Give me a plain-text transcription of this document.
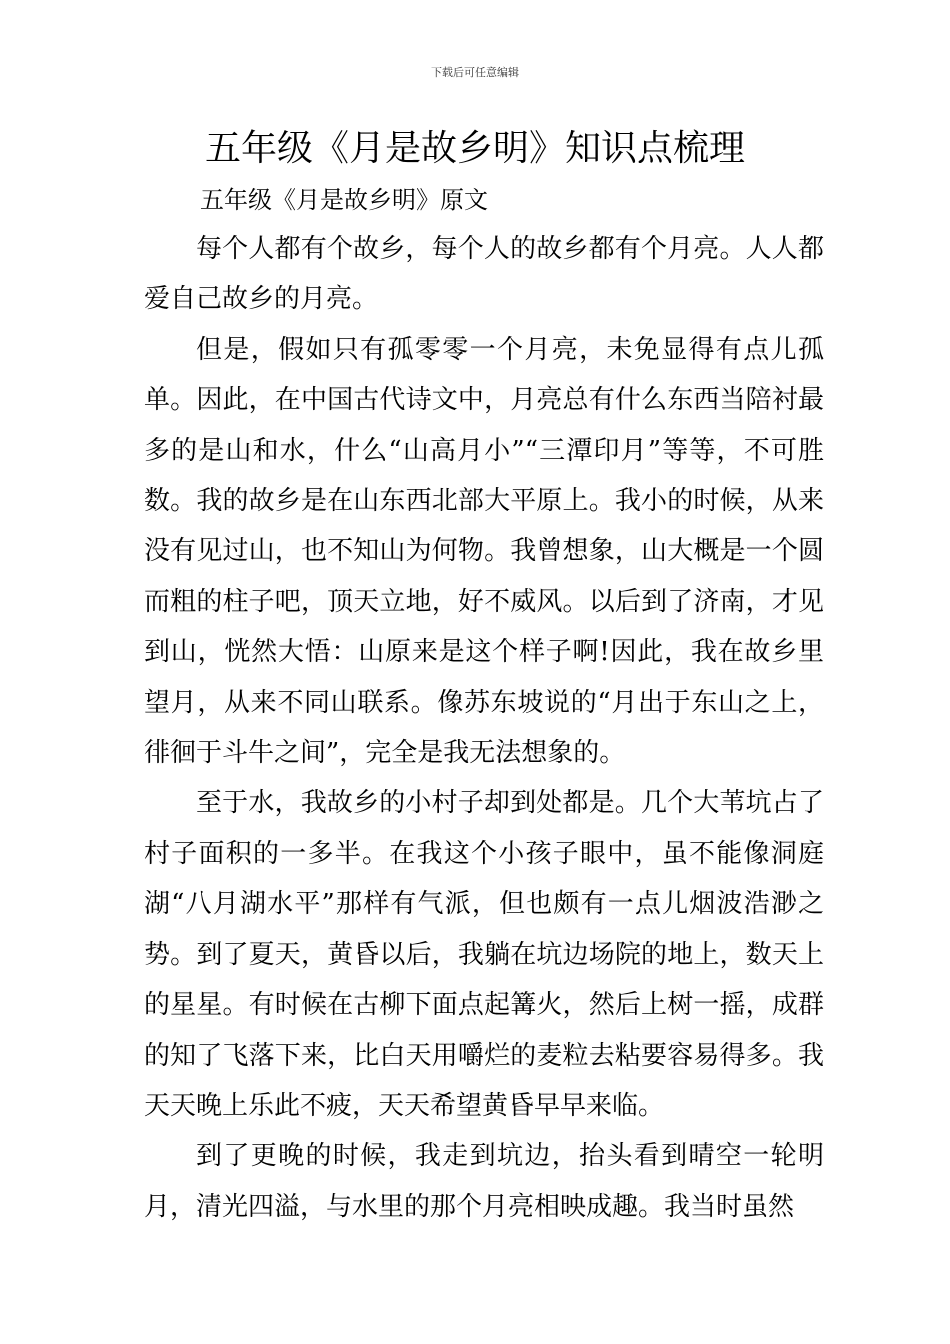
下载后可任意编辑
五年级《月是故乡明》知识点梳理

五年级《月是故乡明》原文

每个人都有个故乡，每个人的故乡都有个月亮。人人都爱自己故乡的月亮。

但是，假如只有孤零零一个月亮，未免显得有点儿孤单。因此，在中国古代诗文中，月亮总有什么东西当陪衬最多的是山和水，什么“山高月小”“三潭印月”等等，不可胜数。我的故乡是在山东西北部大平原上。我小的时候，从来没有见过山，也不知山为何物。我曾想象，山大概是一个圆而粗的柱子吧，顶天立地，好不威风。以后到了济南，才见到山，恍然大悟：山原来是这个样子啊!因此，我在故乡里望月，从来不同山联系。像苏东坡说的“月出于东山之上，徘徊于斗牛之间”，完全是我无法想象的。

至于水，我故乡的小村子却到处都是。几个大苇坑占了村子面积的一多半。在我这个小孩子眼中，虽不能像洞庭湖“八月湖水平”那样有气派，但也颇有一点儿烟波浩渺之势。到了夏天，黄昏以后，我躺在坑边场院的地上，数天上的星星。有时候在古柳下面点起篝火，然后上树一摇，成群的知了飞落下来，比白天用嚼烂的麦粒去粘要容易得多。我天天晚上乐此不疲，天天希望黄昏早早来临。

到了更晚的时候，我走到坑边，抬头看到晴空一轮明月，清光四溢，与水里的那个月亮相映成趣。我当时虽然
